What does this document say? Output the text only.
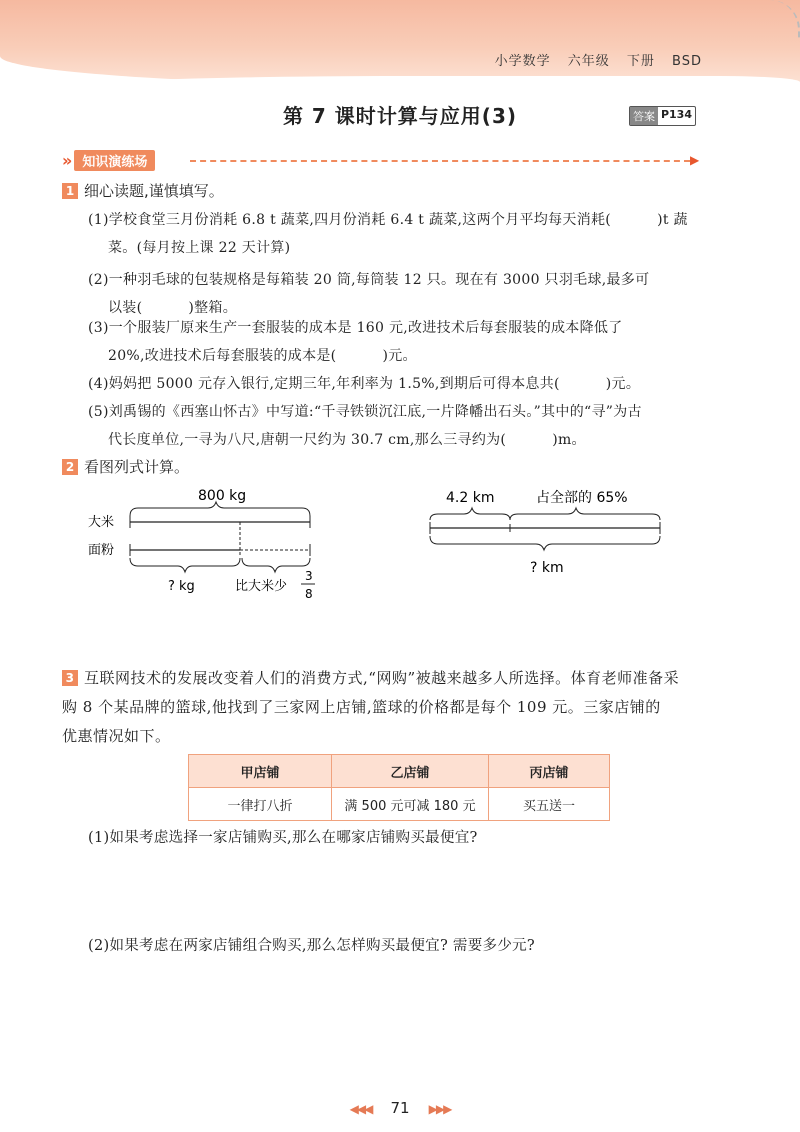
小学数学 六年级 下册 BSD
第 7 课时计算与应用(3)	答案 P134
» 知识演练场	▶
1 细心读题,谨慎填写。
(1)学校食堂三月份消耗 6.8 t 蔬菜,四月份消耗 6.4 t 蔬菜,这两个月平均每天消耗(	)t 蔬
菜。(每月按上课 22 天计算)
(2)一种羽毛球的包装规格是每箱装 20 筒,每筒装 12 只。现在有 3000 只羽毛球,最多可
以装(	)整箱。
(3)一个服装厂原来生产一套服装的成本是 160 元,改进技术后每套服装的成本降低了
20%,改进技术后每套服装的成本是(	)元。
(4)妈妈把 5000 元存入银行,定期三年,年利率为 1.5%,到期后可得本息共(	)元。
(5)刘禹锡的《西塞山怀古》中写道:“千寻铁锁沉江底,一片降幡出石头。”其中的“寻”为古
代长度单位,一寻为八尺,唐朝一尺约为 30.7 cm,那么三寻约为(	)m。
2 看图列式计算。
800 kg
大米
面粉
? kg	比大米少
3
8
4.2 km	占全部的 65%
? km
3 互联网技术的发展改变着人们的消费方式,“网购”被越来越多人所选择。体育老师准备采
购 8 个某品牌的篮球,他找到了三家网上店铺,篮球的价格都是每个 109 元。三家店铺的
优惠情况如下。
甲店铺	乙店铺	丙店铺
一律打八折	满 500 元可减 180 元	买五送一
(1)如果考虑选择一家店铺购买,那么在哪家店铺购买最便宜?
(2)如果考虑在两家店铺组合购买,那么怎样购买最便宜? 需要多少元?
◀◀◀ 71 ▶▶▶
